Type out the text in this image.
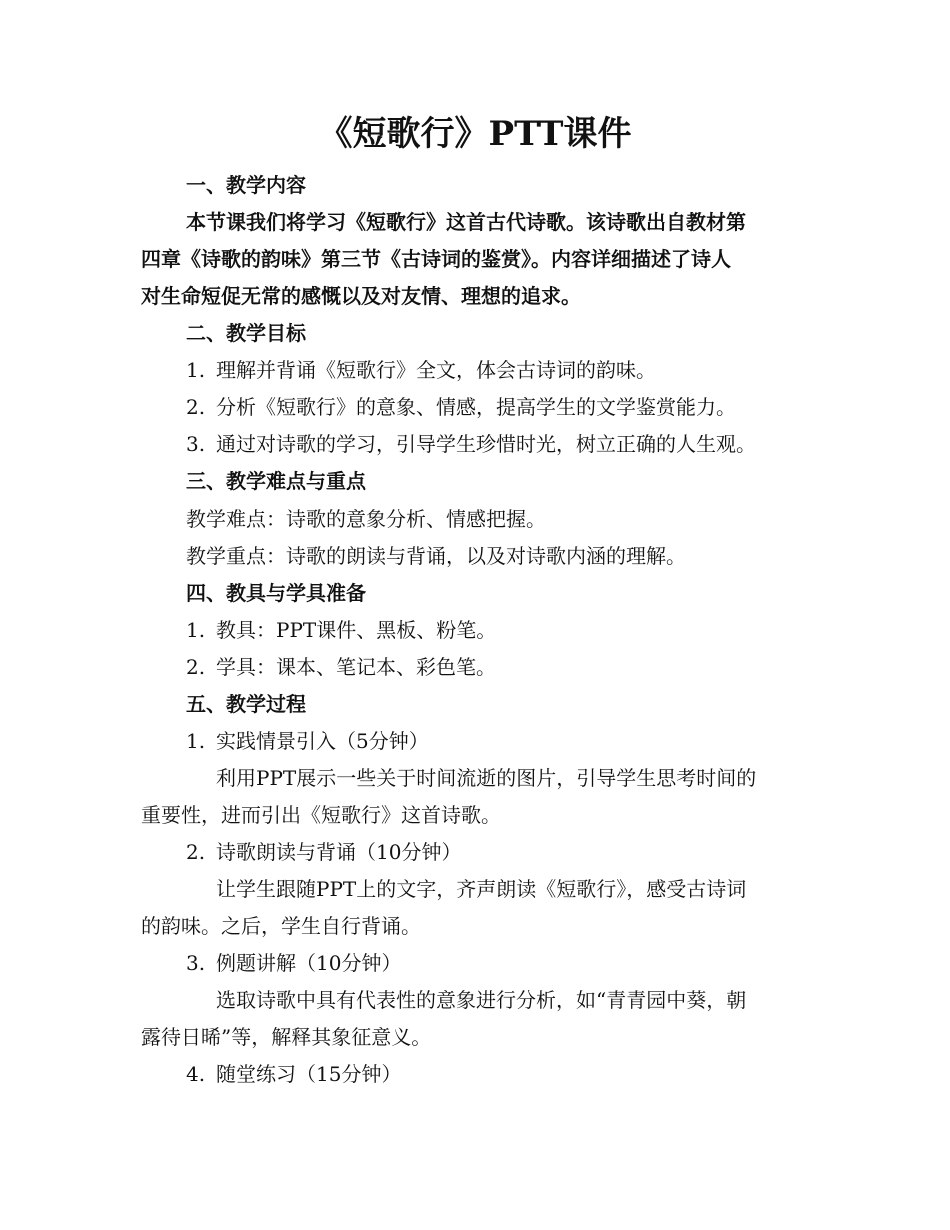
《短歌行》PTT课件
一、教学内容
本节课我们将学习《短歌行》这首古代诗歌。该诗歌出自教材第
四章《诗歌的韵味》第三节《古诗词的鉴赏》。内容详细描述了诗人
对生命短促无常的感慨以及对友情、理想的追求。
二、教学目标
1. 理解并背诵《短歌行》全文，体会古诗词的韵味。
2. 分析《短歌行》的意象、情感，提高学生的文学鉴赏能力。
3. 通过对诗歌的学习，引导学生珍惜时光，树立正确的人生观。
三、教学难点与重点
教学难点：诗歌的意象分析、情感把握。
教学重点：诗歌的朗读与背诵，以及对诗歌内涵的理解。
四、教具与学具准备
1. 教具：PPT课件、黑板、粉笔。
2. 学具：课本、笔记本、彩色笔。
五、教学过程
1. 实践情景引入（5分钟）
利用PPT展示一些关于时间流逝的图片，引导学生思考时间的
重要性，进而引出《短歌行》这首诗歌。
2. 诗歌朗读与背诵（10分钟）
让学生跟随PPT上的文字，齐声朗读《短歌行》，感受古诗词
的韵味。之后，学生自行背诵。
3. 例题讲解（10分钟）
选取诗歌中具有代表性的意象进行分析，如“青青园中葵，朝
露待日晞”等，解释其象征意义。
4. 随堂练习（15分钟）
